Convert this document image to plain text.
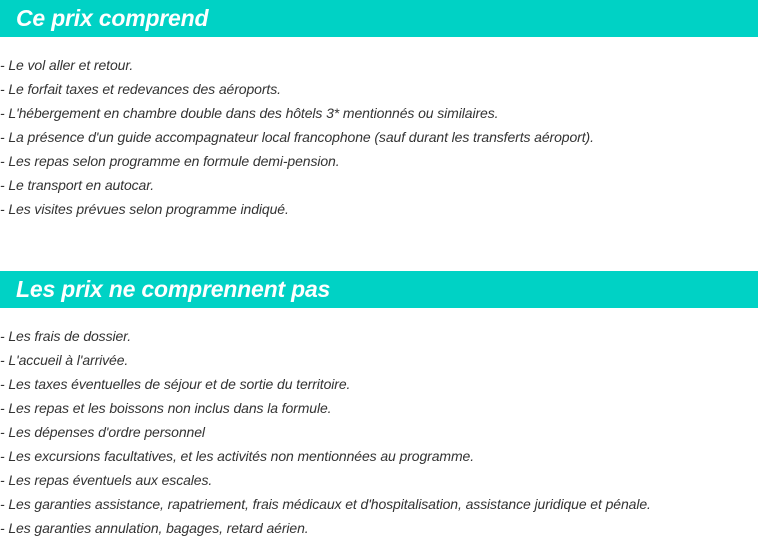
Ce prix comprend
- Le vol aller et retour.
- Le forfait taxes et redevances des aéroports.
- L'hébergement en chambre double dans des hôtels 3* mentionnés ou similaires.
- La présence d'un guide accompagnateur local francophone (sauf durant les transferts aéroport).
- Les repas selon programme en formule demi-pension.
- Le transport en autocar.
- Les visites prévues selon programme indiqué.
Les prix ne comprennent pas
- Les frais de dossier.
- L'accueil à l'arrivée.
- Les taxes éventuelles de séjour et de sortie du territoire.
- Les repas et les boissons non inclus dans la formule.
- Les dépenses d'ordre personnel
- Les excursions facultatives, et les activités non mentionnées au programme.
- Les repas éventuels aux escales.
- Les garanties assistance, rapatriement, frais médicaux et d'hospitalisation, assistance juridique et pénale.
- Les garanties annulation, bagages, retard aérien.
